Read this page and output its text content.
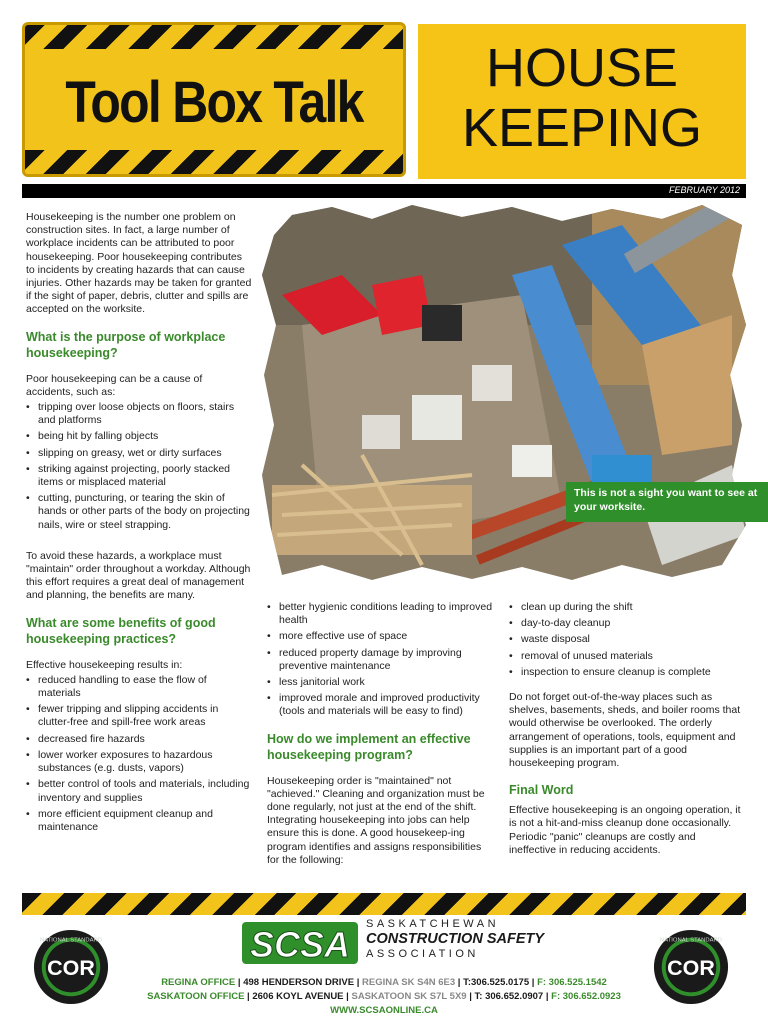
Tool Box Talk
HOUSE
KEEPING
FEBRUARY 2012

Housekeeping is the number one problem on construction sites. In fact, a large number of workplace incidents can be attributed to poor housekeeping. Poor housekeeping contributes to incidents by creating hazards that can cause injuries. Other hazards may be taken for granted if the sight of paper, debris, clutter and spills are accepted on the worksite.

What is the purpose of workplace housekeeping?

Poor housekeeping can be a cause of accidents, such as:

• tripping over loose objects on floors, stairs and platforms
• being hit by falling objects
• slipping on greasy, wet or dirty surfaces
• striking against projecting, poorly stacked items or misplaced material
• cutting, puncturing, or tearing the skin of hands or other parts of the body on projecting nails, wire or steel strapping.

To avoid these hazards, a workplace must "maintain" order throughout a workday. Although this effort requires a great deal of management and planning, the benefits are many.

What are some benefits of good housekeeping practices?

Effective housekeeping results in:

• reduced handling to ease the flow of materials
• fewer tripping and slipping accidents in clutter-free and spill-free work areas
• decreased fire hazards
• lower worker exposures to hazardous substances (e.g. dusts, vapors)
• better control of tools and materials, including inventory and supplies
• more efficient equipment cleanup and maintenance
This is not a sight you want to see at your worksite.
• better hygienic conditions leading to improved health
• more effective use of space
• reduced property damage by improving preventive maintenance
• less janitorial work
• improved morale and improved productivity (tools and materials will be easy to find)
How do we implement an effective housekeeping program?

Housekeeping order is "maintained" not "achieved." Cleaning and organization must be done regularly, not just at the end of the shift. Integrating housekeeping into jobs can help ensure this is done. A good housekeep-ing program identifies and assigns responsibilities for the following:

• clean up during the shift
• day-to-day cleanup
• waste disposal
• removal of unused materials
• inspection to ensure cleanup is complete

Do not forget out-of-the-way places such as shelves, basements, sheds, and boiler rooms that would otherwise be overlooked. The orderly arrangement of operations, tools, equipment and supplies is an important part of a good housekeeping program.

Final Word

Effective housekeeping is an ongoing operation, it is not a hit-and-miss cleanup done occasionally. Periodic "panic" cleanups are costly and ineffective in reducing accidents.

NATIONAL STANDARD
COR
NATIONAL STANDARD
COR
SCSA SASKATCHEWAN
CONSTRUCTION SAFETY
ASSOCIATION
REGINA OFFICE | 498 HENDERSON DRIVE | REGINA SK S4N 6E3 | T:306.525.0175 | F: 306.525.1542
SASKATOON OFFICE | 2606 KOYL AVENUE | SASKATOON SK S7L 5X9 | T: 306.652.0907 | F: 306.652.0923
WWW.SCSAONLINE.CA
